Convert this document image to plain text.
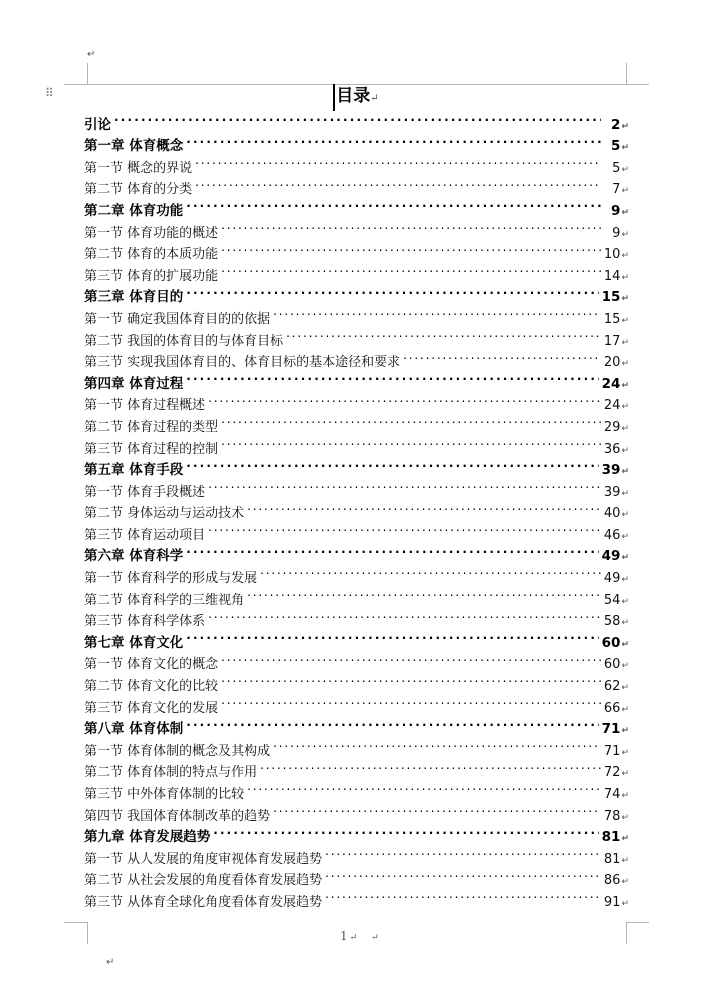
↵
⠿	目录↵
引论 . . .	2 ↵
第一章 体育概念 . . .	5 ↵
第一节 概念的界说 . . .	5 ↵
第二节 体育的分类 . . .	7 ↵
第二章 体育功能 . . .	9 ↵
第一节 体育功能的概述 . . .	9 ↵
第二节 体育的本质功能 . . .	10 ↵
第三节 体育的扩展功能 . . .	14 ↵
第三章 体育目的 . . .	15 ↵
第一节 确定我国体育目的的依据 . . .	15 ↵
第二节 我国的体育目的与体育目标 . . .	17 ↵
第三节 实现我国体育目的、体育目标的基本途径和要求 . . .	20 ↵
第四章 体育过程 . . .	24 ↵
第一节 体育过程概述 . . .	24 ↵
第二节 体育过程的类型 . . .	29 ↵
第三节 体育过程的控制 . . .	36 ↵
第五章 体育手段 . . .	39 ↵
第一节 体育手段概述 . . .	39 ↵
第二节 身体运动与运动技术 . . .	40 ↵
第三节 体育运动项目 . . .	46 ↵
第六章 体育科学 . . .	49 ↵
第一节 体育科学的形成与发展 . . .	49 ↵
第二节 体育科学的三维视角 . . .	54 ↵
第三节 体育科学体系 . . .	58 ↵
第七章 体育文化 . . .	60 ↵
第一节 体育文化的概念 . . .	60 ↵
第二节 体育文化的比较 . . .	62 ↵
第三节 体育文化的发展 . . .	66 ↵
第八章 体育体制 . . .	71 ↵
第一节 体育体制的概念及其构成 . . .	71 ↵
第二节 体育体制的特点与作用 . . .	72 ↵
第三节 中外体育体制的比较 . . .	74 ↵
第四节 我国体育体制改革的趋势 . . .	78 ↵
第九章 体育发展趋势 . . .	81 ↵
第一节 从人发展的角度审视体育发展趋势 . . .	81 ↵
第二节 从社会发展的角度看体育发展趋势 . . .	86 ↵
第三节 从体育全球化角度看体育发展趋势 . . .	91 ↵
1 ↵ ↵
↵
